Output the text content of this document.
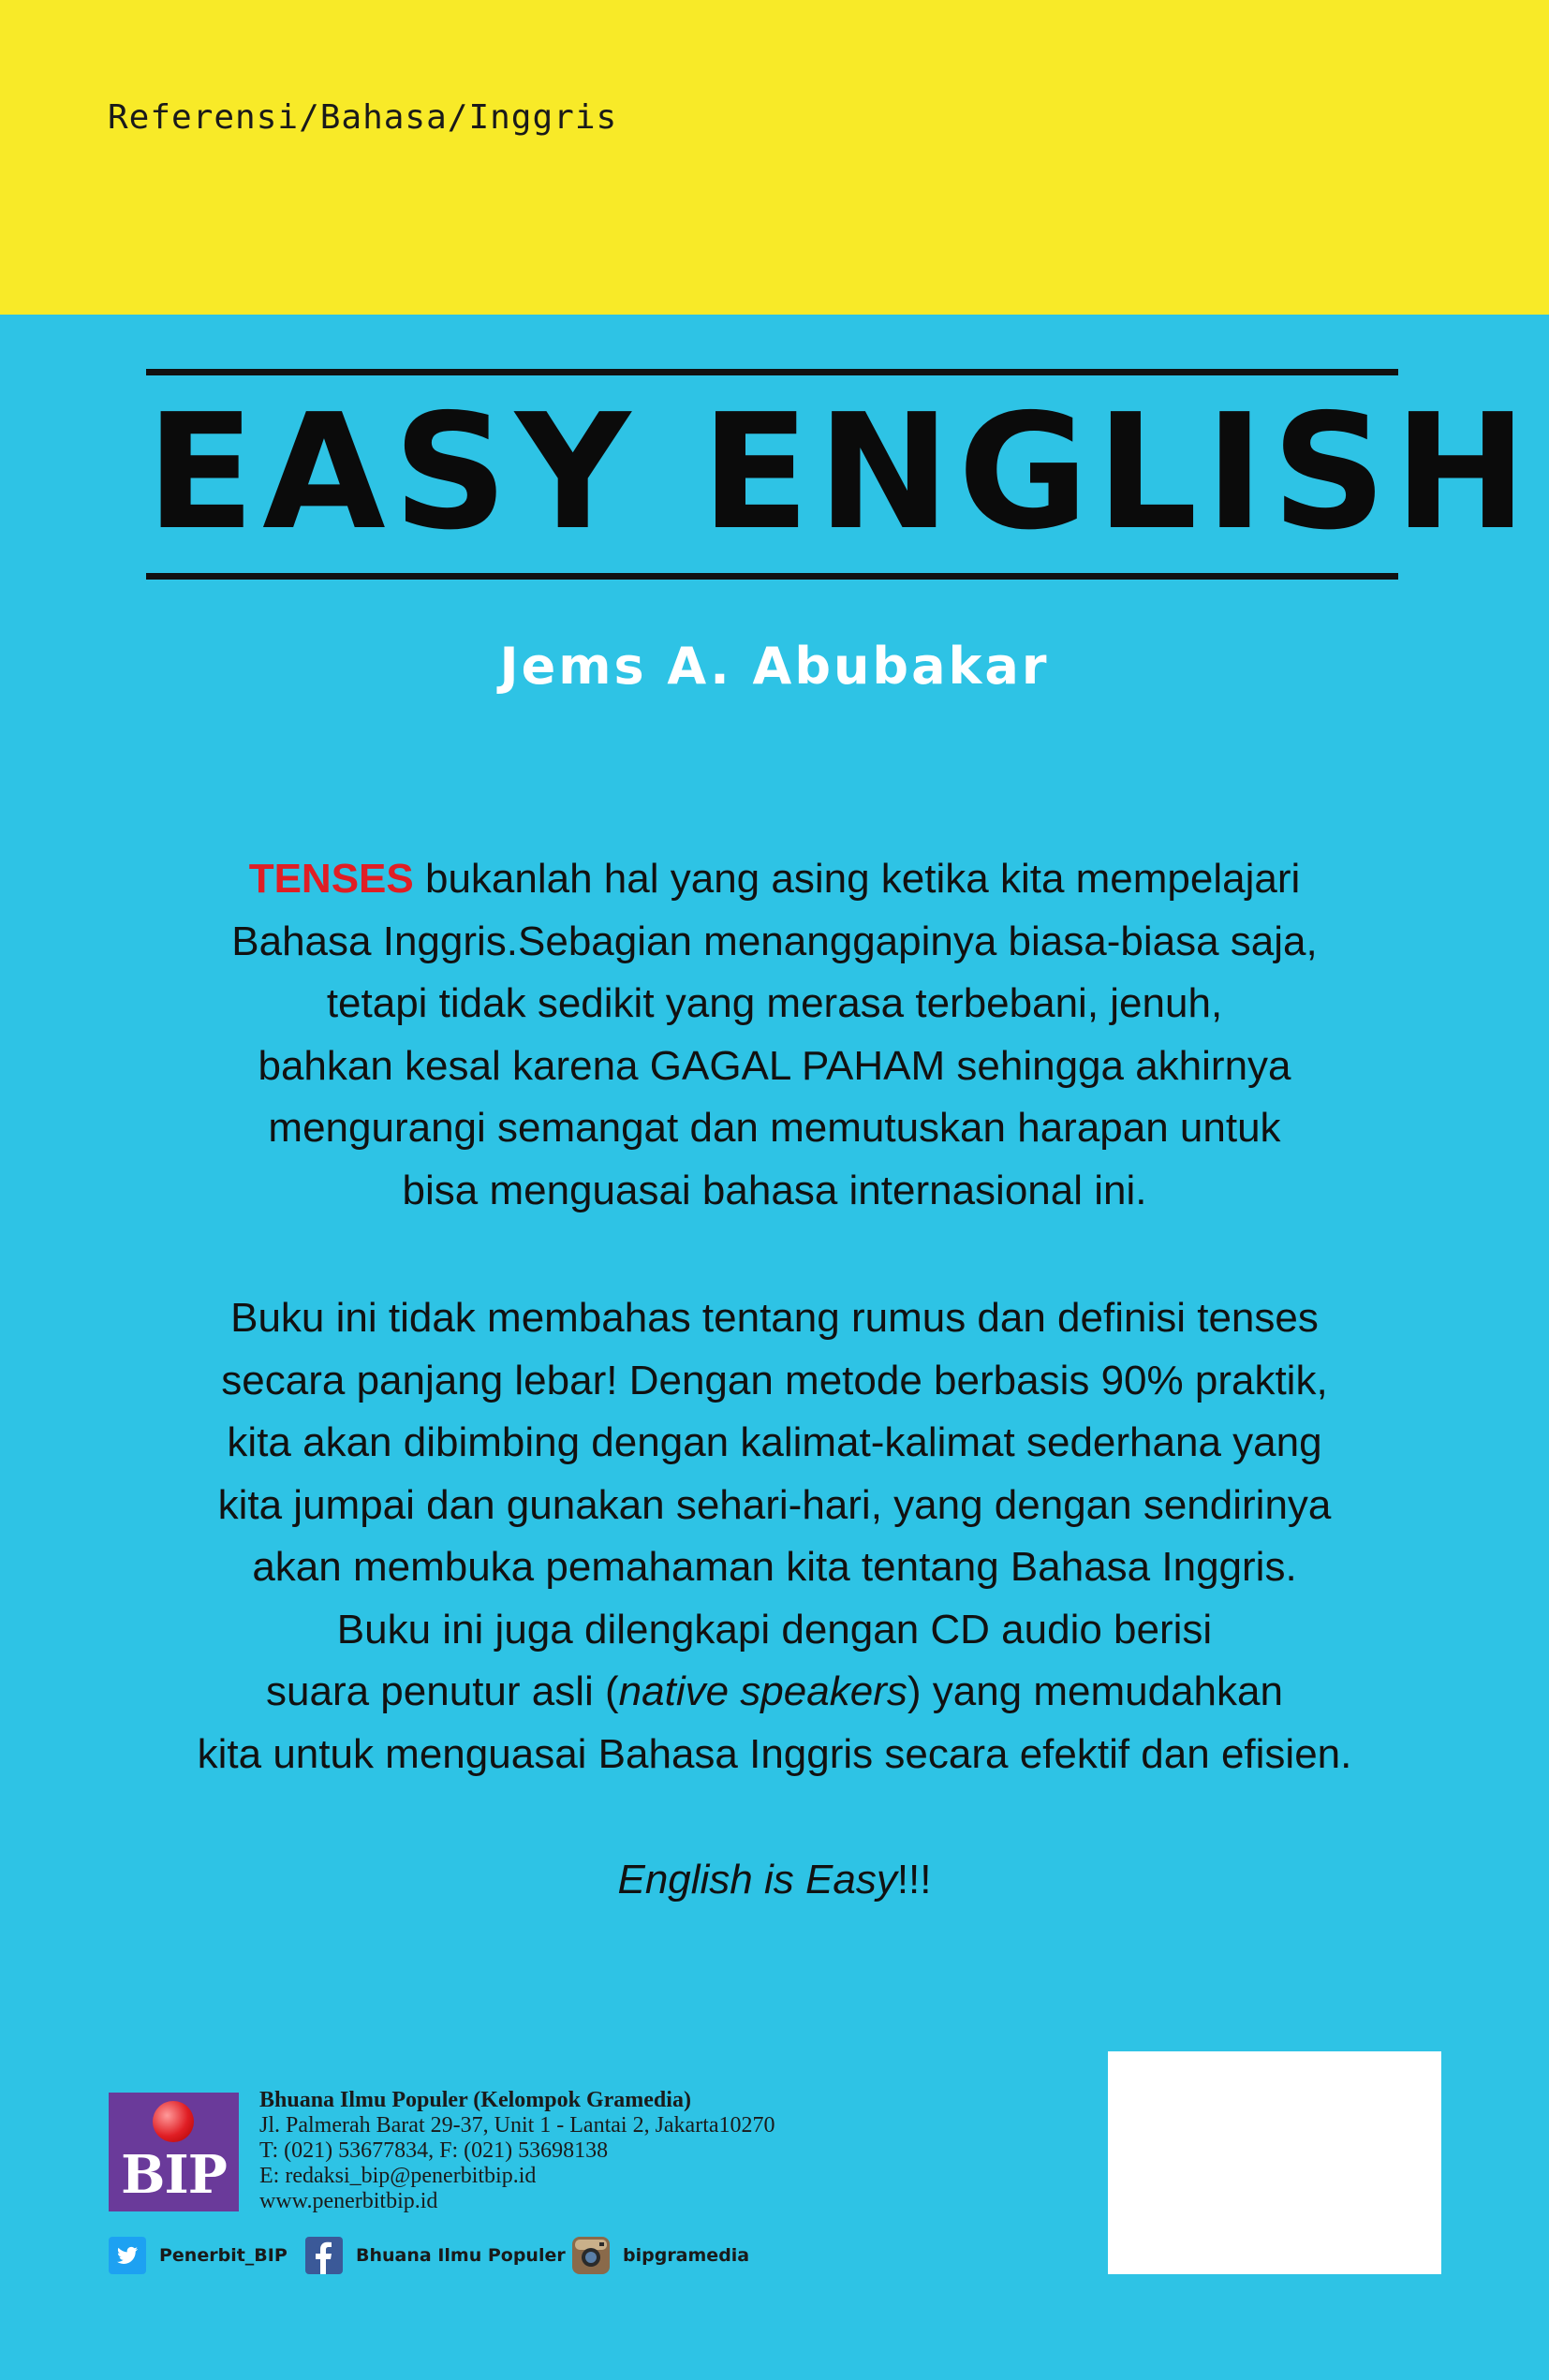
Referensi/Bahasa/Inggris
EASY ENGLISH
Jems A. Abubakar

TENSES bukanlah hal yang asing ketika kita mempelajari

Bahasa Inggris.Sebagian menanggapinya biasa-biasa saja,

tetapi tidak sedikit yang merasa terbebani, jenuh,

bahkan kesal karena GAGAL PAHAM sehingga akhirnya

mengurangi semangat dan memutuskan harapan untuk

bisa menguasai bahasa internasional ini.

Buku ini tidak membahas tentang rumus dan definisi tenses

secara panjang lebar! Dengan metode berbasis 90% praktik,

kita akan dibimbing dengan kalimat-kalimat sederhana yang

kita jumpai dan gunakan sehari-hari, yang dengan sendirinya

akan membuka pemahaman kita tentang Bahasa Inggris.

Buku ini juga dilengkapi dengan CD audio berisi

suara penutur asli (native speakers) yang memudahkan

kita untuk menguasai Bahasa Inggris secara efektif dan efisien.

English is Easy!!!

BIP
Bhuana Ilmu Populer (Kelompok Gramedia)
Jl. Palmerah Barat 29-37, Unit 1 - Lantai 2, Jakarta10270
T: (021) 53677834, F: (021) 53698138
E: redaksi_bip@penerbitbip.id
www.penerbitbip.id
Penerbit_BIP	Bhuana Ilmu Populer	bipgramedia
